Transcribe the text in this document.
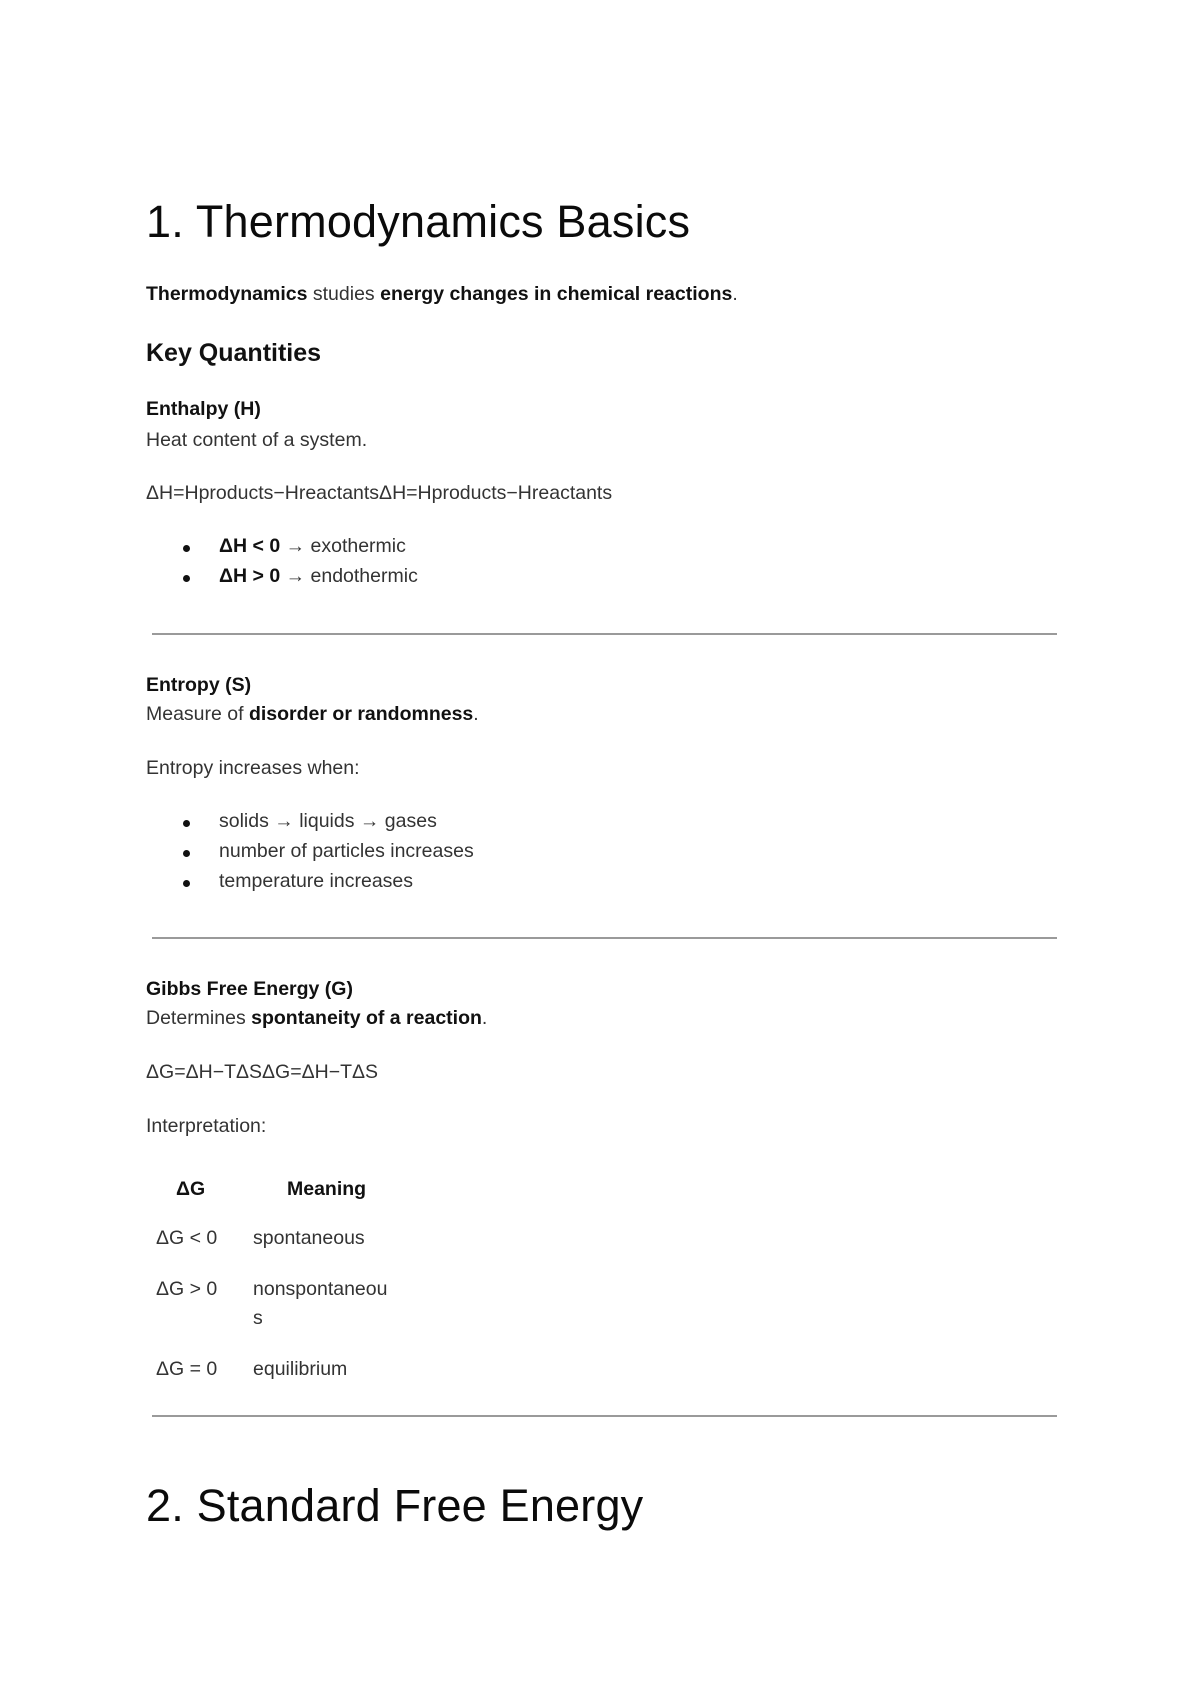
1. Thermodynamics Basics
Thermodynamics studies energy changes in chemical reactions.
Key Quantities
Enthalpy (H)
Heat content of a system.
ΔH=Hproducts−HreactantsΔH=Hproducts−Hreactants
ΔH < 0 → exothermic
ΔH > 0 → endothermic
Entropy (S)
Measure of disorder or randomness.
Entropy increases when:
solids → liquids → gases
number of particles increases
temperature increases
Gibbs Free Energy (G)
Determines spontaneity of a reaction.
ΔG=ΔH−TΔSΔG=ΔH−TΔS
Interpretation:
ΔG	Meaning
ΔG < 0 spontaneous
ΔG > 0 nonspontaneou
s
ΔG = 0 equilibrium
2. Standard Free Energy
